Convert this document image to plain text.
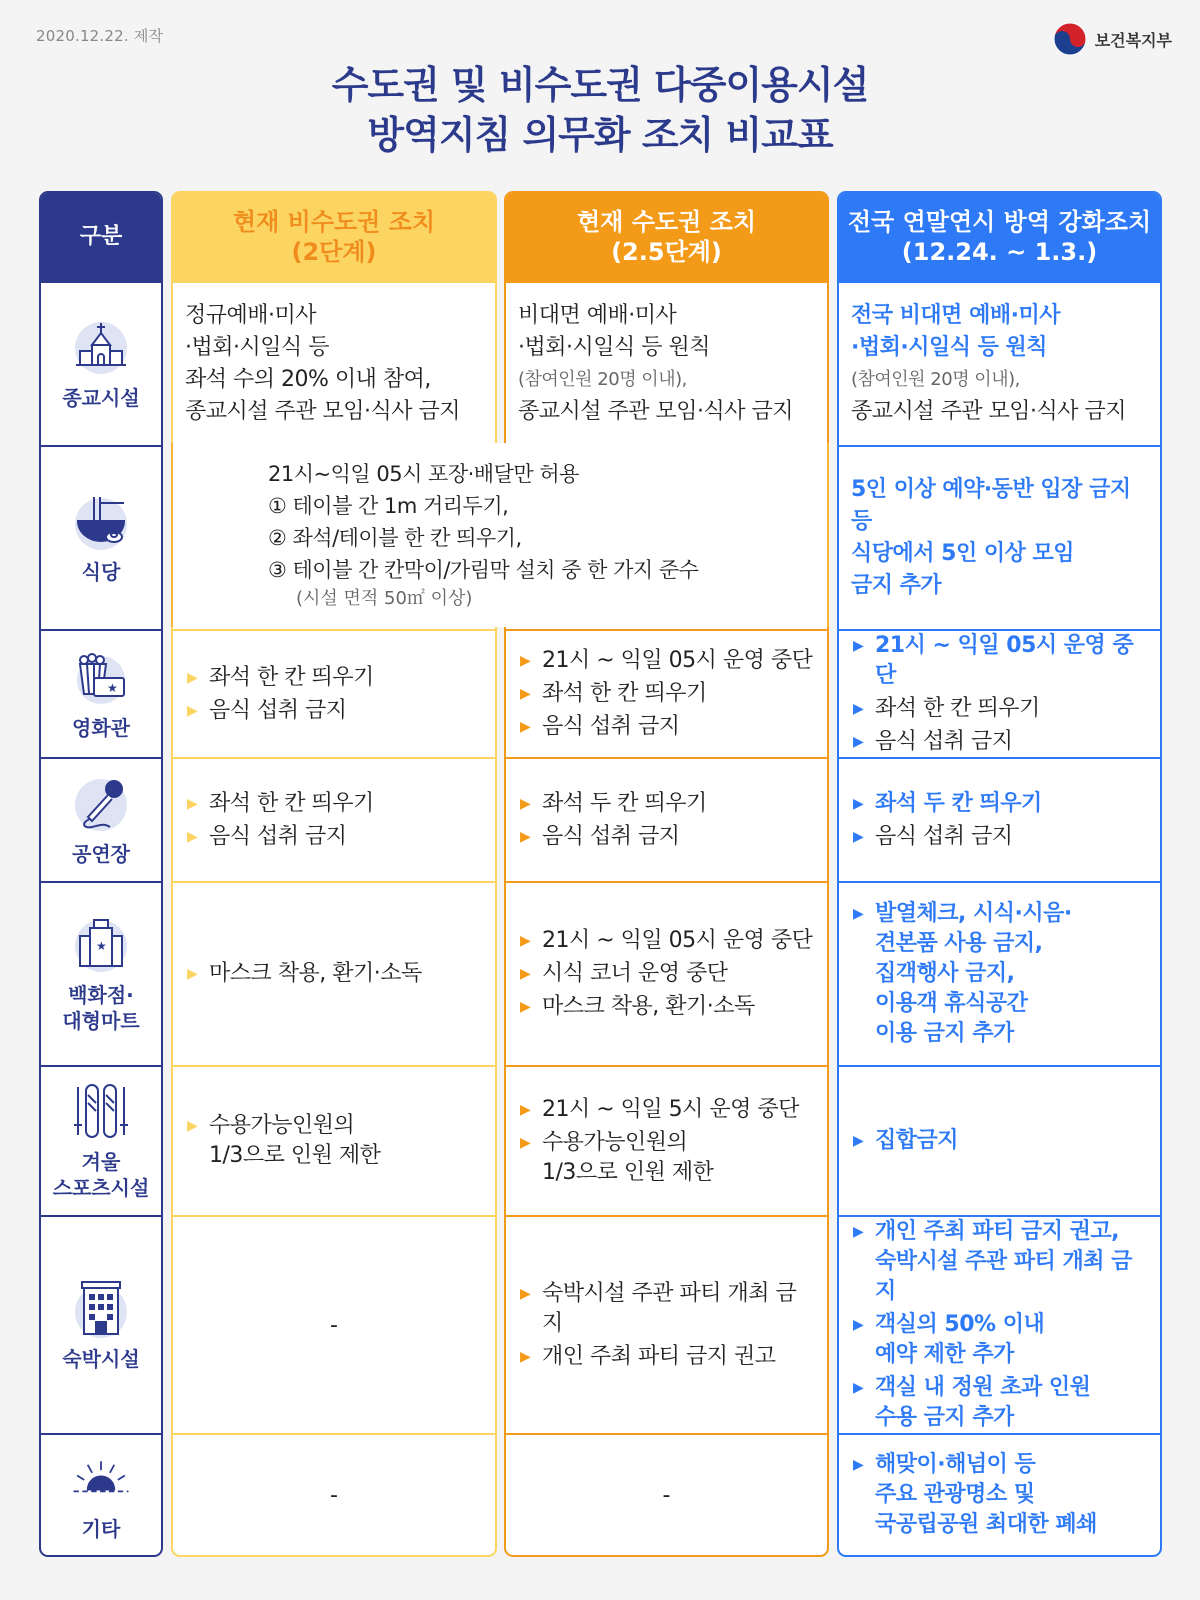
2020.12.22. 제작	보건복지부
수도권 및 비수도권 다중이용시설
방역지침 의무화 조치 비교표
구분
종교시설
식당
★
영화관
공연장
★
백화점·
대형마트
겨울
스포츠시설
숙박시설
기타
현재 비수도권 조치
(2단계)
정규예배·미사
·법회·시일식 등
좌석 수의 20% 이내 참여,
종교시설 주관 모임·식사 금지
▶ 좌석 한 칸 띄우기
▶ 음식 섭취 금지
▶ 좌석 한 칸 띄우기
▶ 음식 섭취 금지
▶ 마스크 착용, 환기·소독
▶ 수용가능인원의
1/3으로 인원 제한
-
-
현재 수도권 조치
(2.5단계)
비대면 예배·미사
·법회·시일식 등 원칙
(참여인원 20명 이내),
종교시설 주관 모임·식사 금지
▶ 21시 ~ 익일 05시 운영 중단
▶ 좌석 한 칸 띄우기
▶ 음식 섭취 금지
▶ 좌석 두 칸 띄우기
▶ 음식 섭취 금지
▶ 21시 ~ 익일 05시 운영 중단
▶ 시식 코너 운영 중단
▶ 마스크 착용, 환기·소독
▶ 21시 ~ 익일 5시 운영 중단
▶ 수용가능인원의
1/3으로 인원 제한
▶ 숙박시설 주관 파티 개최 금지
▶ 개인 주최 파티 금지 권고
-
21시~익일 05시 포장·배달만 허용
① 테이블 간 1m 거리두기,
② 좌석/테이블 한 칸 띄우기,
③ 테이블 간 칸막이/가림막 설치 중 한 가지 준수
(시설 면적 50㎡ 이상)
전국 연말연시 방역 강화조치
(12.24. ~ 1.3.)
전국 비대면 예배·미사
·법회·시일식 등 원칙
(참여인원 20명 이내),
종교시설 주관 모임·식사 금지
5인 이상 예약·동반 입장 금지 등
식당에서 5인 이상 모임
금지 추가
▶ 21시 ~ 익일 05시 운영 중단
▶ 좌석 한 칸 띄우기
▶ 음식 섭취 금지
▶ 좌석 두 칸 띄우기
▶ 음식 섭취 금지
▶ 발열체크, 시식·시음·
견본품 사용 금지,
집객행사 금지,
이용객 휴식공간
이용 금지 추가
▶ 집합금지
▶ 개인 주최 파티 금지 권고,
숙박시설 주관 파티 개최 금지
▶ 객실의 50% 이내
예약 제한 추가
▶ 객실 내 정원 초과 인원
수용 금지 추가
▶ 해맞이·해넘이 등
주요 관광명소 및
국공립공원 최대한 폐쇄
